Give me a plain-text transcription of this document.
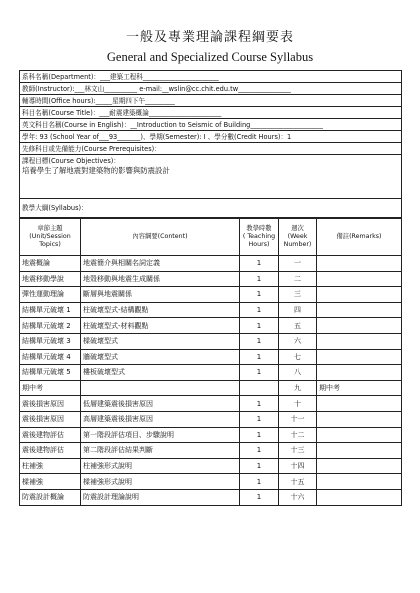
一般及專業理論課程綱要表
General and Specialized Course Syllabus
系科名稱(Department)：___建築工程科_______________________
教師(Instructor):___林文山__________ e-mail:__wslin@cc.chit.edu.tw________________
輔導時間(Office hours):_____星期四下午_________
科目名稱(Course Title)：___耐震建築概論______________________
英文科目名稱(Course in English)：__Introduction to Seismic of Building______________________
學年: 93 (School Year of___93_______)、學期(Semester): I 、學分數(Credit Hours)：1
先修科目或先備能力(Course Prerequisites)：
課程目標(Course Objectives)：
培養學生了解地震對建築物的影響與防震設計
教學大綱(Syllabus)：
章節主題
(Unit/Session Topics)	內容綱要(Content)	教學時數
( Teaching
Hours)	週次
(Week
Number)	備註(Remarks)
地震概論	地震簡介與相關名詞定義	1	一	
地震移動學說	地殼移動與地震生成關係	1	二	
彈性運動理論	斷層與地震關係	1	三	
結構單元破壞 1	柱破壞型式-結構觀點	1	四	
結構單元破壞 2	柱破壞型式-材料觀點	1	五	
結構單元破壞 3	樑破壞型式	1	六	
結構單元破壞 4	牆破壞型式	1	七	
結構單元破壞 5	樓板破壞型式	1	八	
期中考			九	期中考
震後損害原因	低層建築震後損害原因	1	十	
震後損害原因	高層建築震後損害原因	1	十一	
震後建物評估	第一階段評估項目、步驟說明	1	十二	
震後建物評估	第二階段評估結果判斷	1	十三	
柱補強	柱補強形式說明	1	十四	
樑補強	樑補強形式說明	1	十五	
防震設計概論	防震設計理論說明	1	十六	
